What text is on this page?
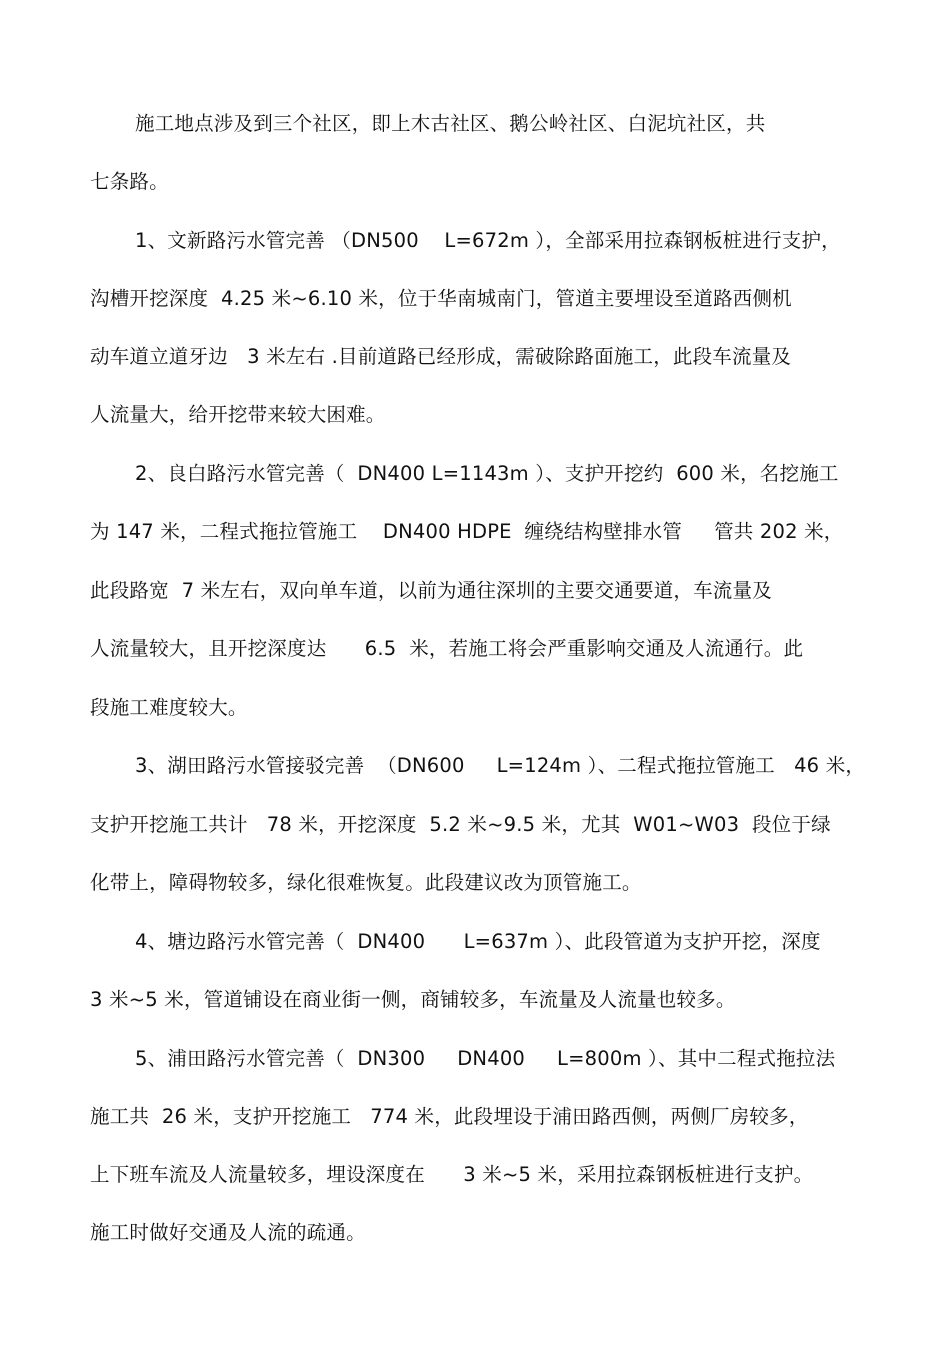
施工地点涉及到三个社区，即上木古社区、鹅公岭社区、白泥坑社区，共
七条路。
1、文新路污水管完善 （DN500    L=672m ），全部采用拉森钢板桩进行支护，
沟槽开挖深度  4.25 米~6.10 米，位于华南城南门，管道主要埋设至道路西侧机
动车道立道牙边   3 米左右 .目前道路已经形成，需破除路面施工，此段车流量及
人流量大，给开挖带来较大困难。
2、良白路污水管完善（  DN400 L=1143m ）、支护开挖约  600 米，名挖施工
为 147 米，二程式拖拉管施工    DN400 HDPE  缠绕结构壁排水管     管共 202 米，
此段路宽  7 米左右，双向单车道，以前为通往深圳的主要交通要道，车流量及
人流量较大，且开挖深度达      6.5  米，若施工将会严重影响交通及人流通行。此
段施工难度较大。
3、湖田路污水管接驳完善  （DN600     L=124m ）、二程式拖拉管施工   46 米，
支护开挖施工共计   78 米，开挖深度  5.2 米~9.5 米，尤其  W01~W03  段位于绿
化带上，障碍物较多，绿化很难恢复。此段建议改为顶管施工。
4、塘边路污水管完善（  DN400      L=637m ）、此段管道为支护开挖，深度
3 米~5 米，管道铺设在商业街一侧，商铺较多，车流量及人流量也较多。
5、浦田路污水管完善（  DN300     DN400     L=800m ）、其中二程式拖拉法
施工共  26 米，支护开挖施工   774 米，此段埋设于浦田路西侧，两侧厂房较多，
上下班车流及人流量较多，埋设深度在      3 米~5 米，采用拉森钢板桩进行支护。
施工时做好交通及人流的疏通。
